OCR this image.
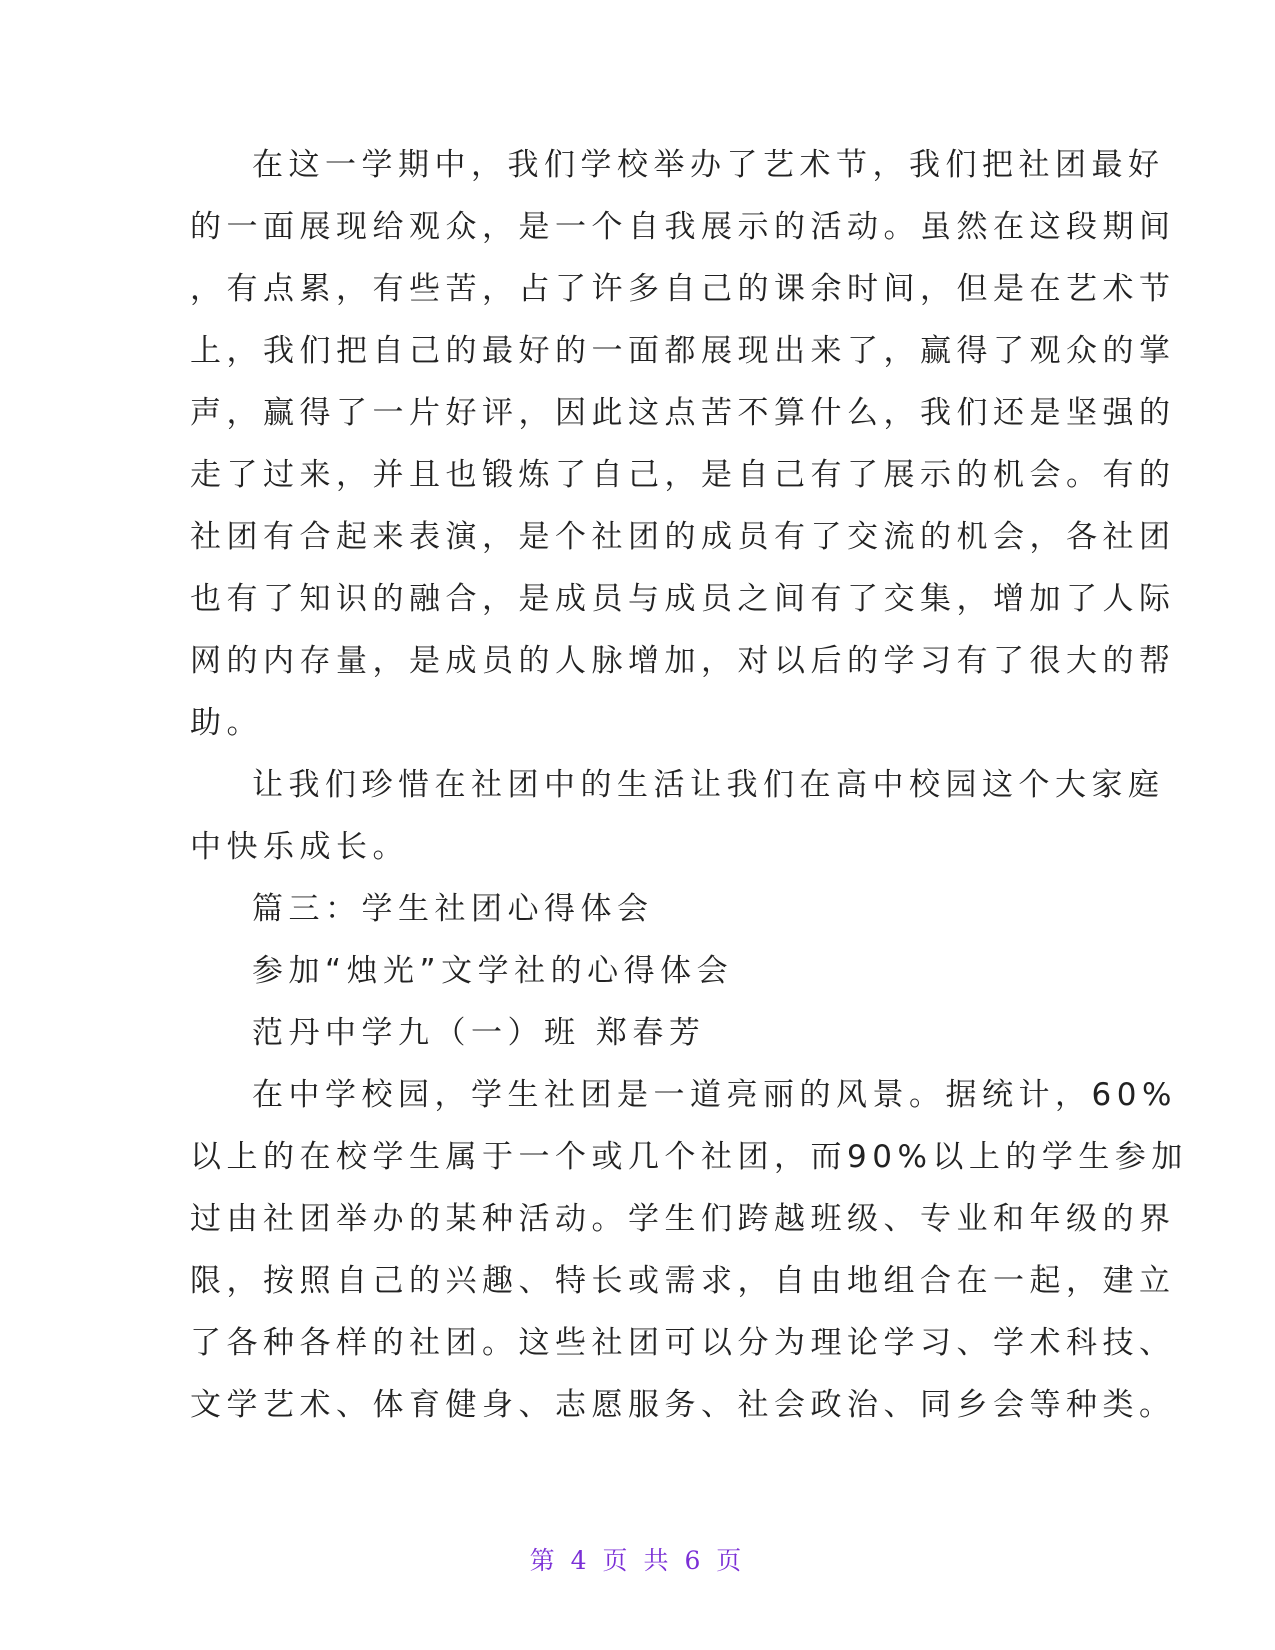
在这一学期中，我们学校举办了艺术节，我们把社团最好
的一面展现给观众，是一个自我展示的活动。虽然在这段期间
，有点累，有些苦，占了许多自己的课余时间，但是在艺术节
上，我们把自己的最好的一面都展现出来了，赢得了观众的掌
声，赢得了一片好评，因此这点苦不算什么，我们还是坚强的
走了过来，并且也锻炼了自己，是自己有了展示的机会。有的
社团有合起来表演，是个社团的成员有了交流的机会，各社团
也有了知识的融合，是成员与成员之间有了交集，增加了人际
网的内存量，是成员的人脉增加，对以后的学习有了很大的帮
助。
让我们珍惜在社团中的生活让我们在高中校园这个大家庭
中快乐成长。
篇三：学生社团心得体会
参加“烛光”文学社的心得体会
范丹中学九（一）班 郑春芳
在中学校园，学生社团是一道亮丽的风景。据统计，60%
以上的在校学生属于一个或几个社团，而90%以上的学生参加
过由社团举办的某种活动。学生们跨越班级、专业和年级的界
限，按照自己的兴趣、特长或需求，自由地组合在一起，建立
了各种各样的社团。这些社团可以分为理论学习、学术科技、
文学艺术、体育健身、志愿服务、社会政治、同乡会等种类。
第 4 页 共 6 页
